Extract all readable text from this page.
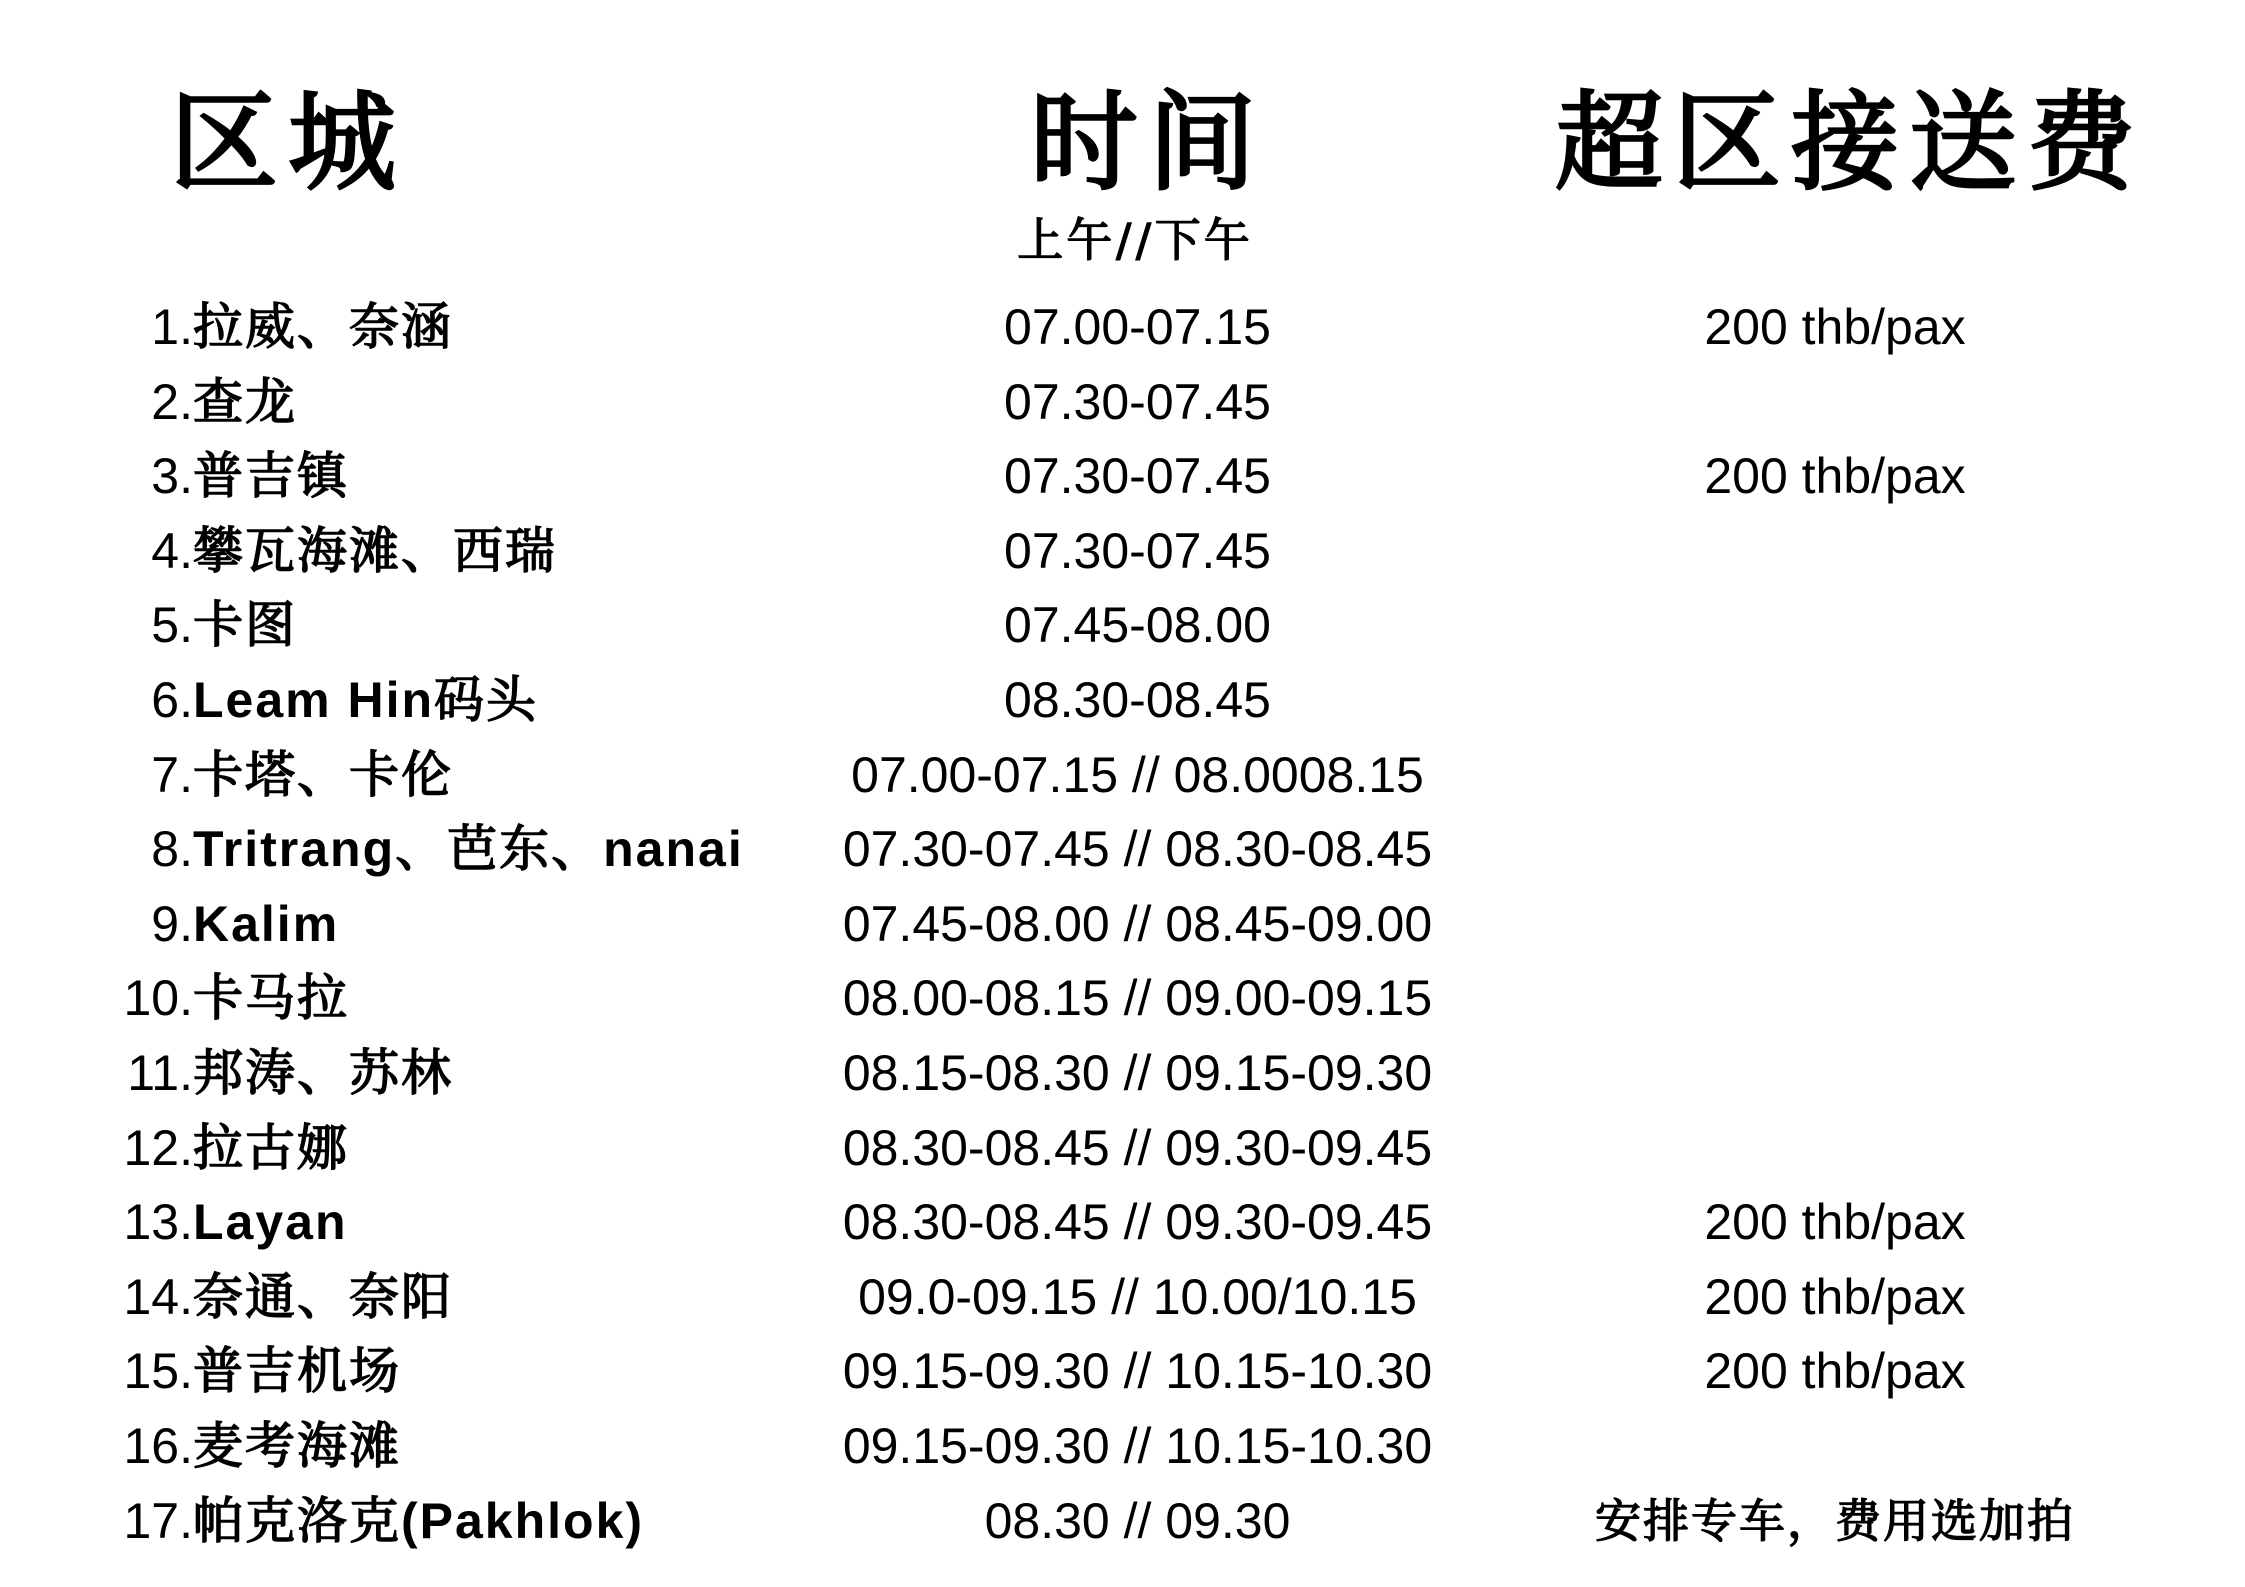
区城	时间	超区接送费
上午//下午
1. 拉威、奈涵	07.00-07.15	200 thb/pax
2. 查龙	07.30-07.45
3. 普吉镇	07.30-07.45	200 thb/pax
4. 攀瓦海滩、西瑞	07.30-07.45
5. 卡图	07.45-08.00
6. Leam Hin码头	08.30-08.45
7. 卡塔、卡伦	07.00-07.15 // 08.0008.15
8. Tritrang、芭东、nanai	07.30-07.45 // 08.30-08.45
9. Kalim	07.45-08.00 // 08.45-09.00
10. 卡马拉	08.00-08.15 // 09.00-09.15
11. 邦涛、苏林	08.15-08.30 // 09.15-09.30
12. 拉古娜	08.30-08.45 // 09.30-09.45
13. Layan	08.30-08.45 // 09.30-09.45	200 thb/pax
14. 奈通、奈阳	09.0-09.15 // 10.00/10.15	200 thb/pax
15. 普吉机场	09.15-09.30 // 10.15-10.30	200 thb/pax
16. 麦考海滩	09.15-09.30 // 10.15-10.30
17. 帕克洛克(Pakhlok)	08.30 // 09.30	安排专车，费用选加拍
